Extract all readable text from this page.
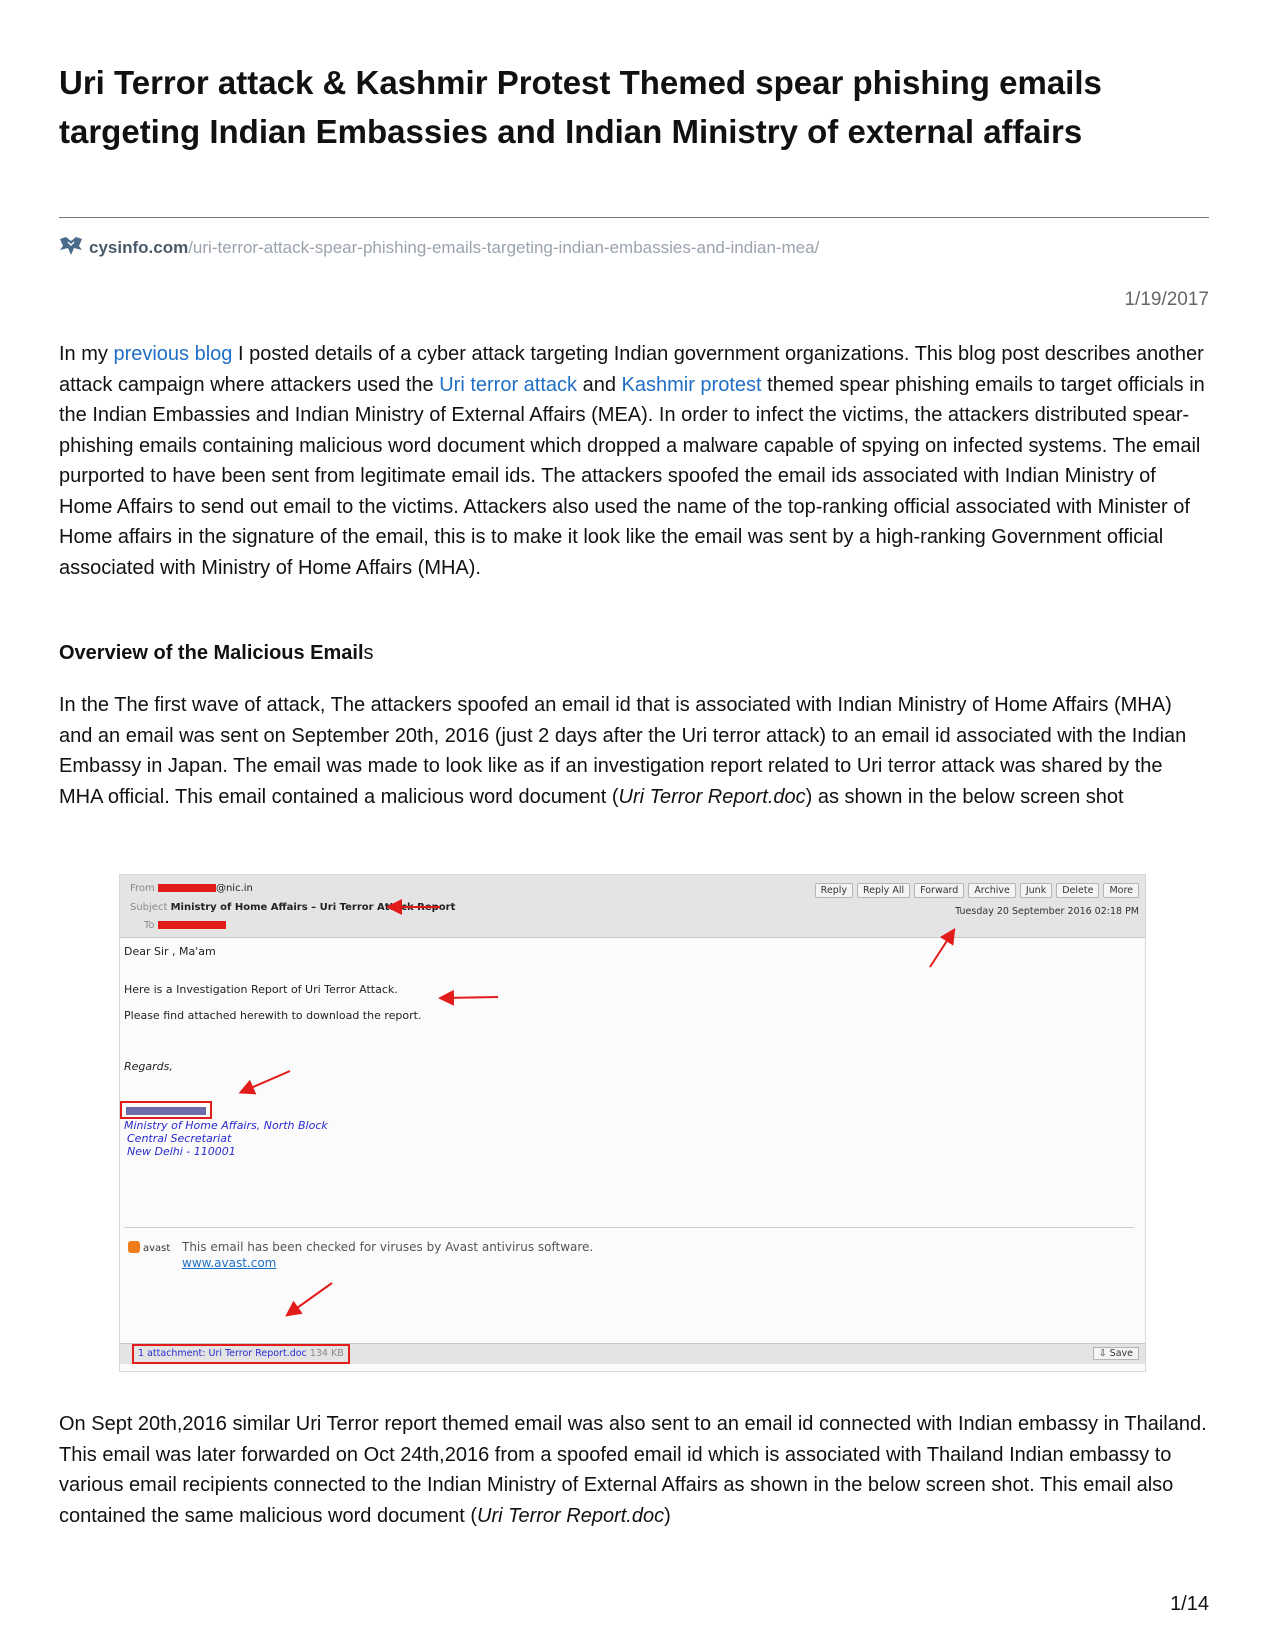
Uri Terror attack & Kashmir Protest Themed spear phishing emails targeting Indian Embassies and Indian Ministry of external affairs
cysinfo.com/uri-terror-attack-spear-phishing-emails-targeting-indian-embassies-and-indian-mea/
1/19/2017

In my previous blog I posted details of a cyber attack targeting Indian government organizations. This blog post describes another attack campaign where attackers used the Uri terror attack and Kashmir protest themed spear phishing emails to target officials in the Indian Embassies and Indian Ministry of External Affairs (MEA). In order to infect the victims, the attackers distributed spear-phishing emails containing malicious word document which dropped a malware capable of spying on infected systems. The email purported to have been sent from legitimate email ids. The attackers spoofed the email ids associated with Indian Ministry of Home Affairs to send out email to the victims. Attackers also used the name of the top-ranking official associated with Minister of Home affairs in the signature of the email, this is to make it look like the email was sent by a high-ranking Government official associated with Ministry of Home Affairs (MHA).

Overview of the Malicious Emails

In the The first wave of attack, The attackers spoofed an email id that is associated with Indian Ministry of Home Affairs (MHA) and an email was sent on September 20th, 2016 (just 2 days after the Uri terror attack) to an email id associated with the Indian Embassy in Japan. The email was made to look like as if an investigation report related to Uri terror attack was shared by the MHA official. This email contained a malicious word document (Uri Terror Report.doc) as shown in the below screen shot

From	@nic.in
Subject Ministry of Home Affairs – Uri Terror Attack Report
To
Reply	Reply All	Forward	Archive	Junk	Delete	More
Tuesday 20 September 2016 02:18 PM
Dear Sir , Ma'am
Here is a Investigation Report of Uri Terror Attack.
Please find attached herewith to download the report.
Regards,
Ministry of Home Affairs, North Block
Central Secretariat
New Delhi - 110001
avast This email has been checked for viruses by Avast antivirus software.
www.avast.com
1 attachment: Uri Terror Report.doc 134 KB	⇩ Save

On Sept 20th,2016 similar Uri Terror report themed email was also sent to an email id connected with Indian embassy in Thailand. This email was later forwarded on Oct 24th,2016 from a spoofed email id which is associated with Thailand Indian embassy to various email recipients connected to the Indian Ministry of External Affairs as shown in the below screen shot. This email also contained the same malicious word document (Uri Terror Report.doc)

1/14
